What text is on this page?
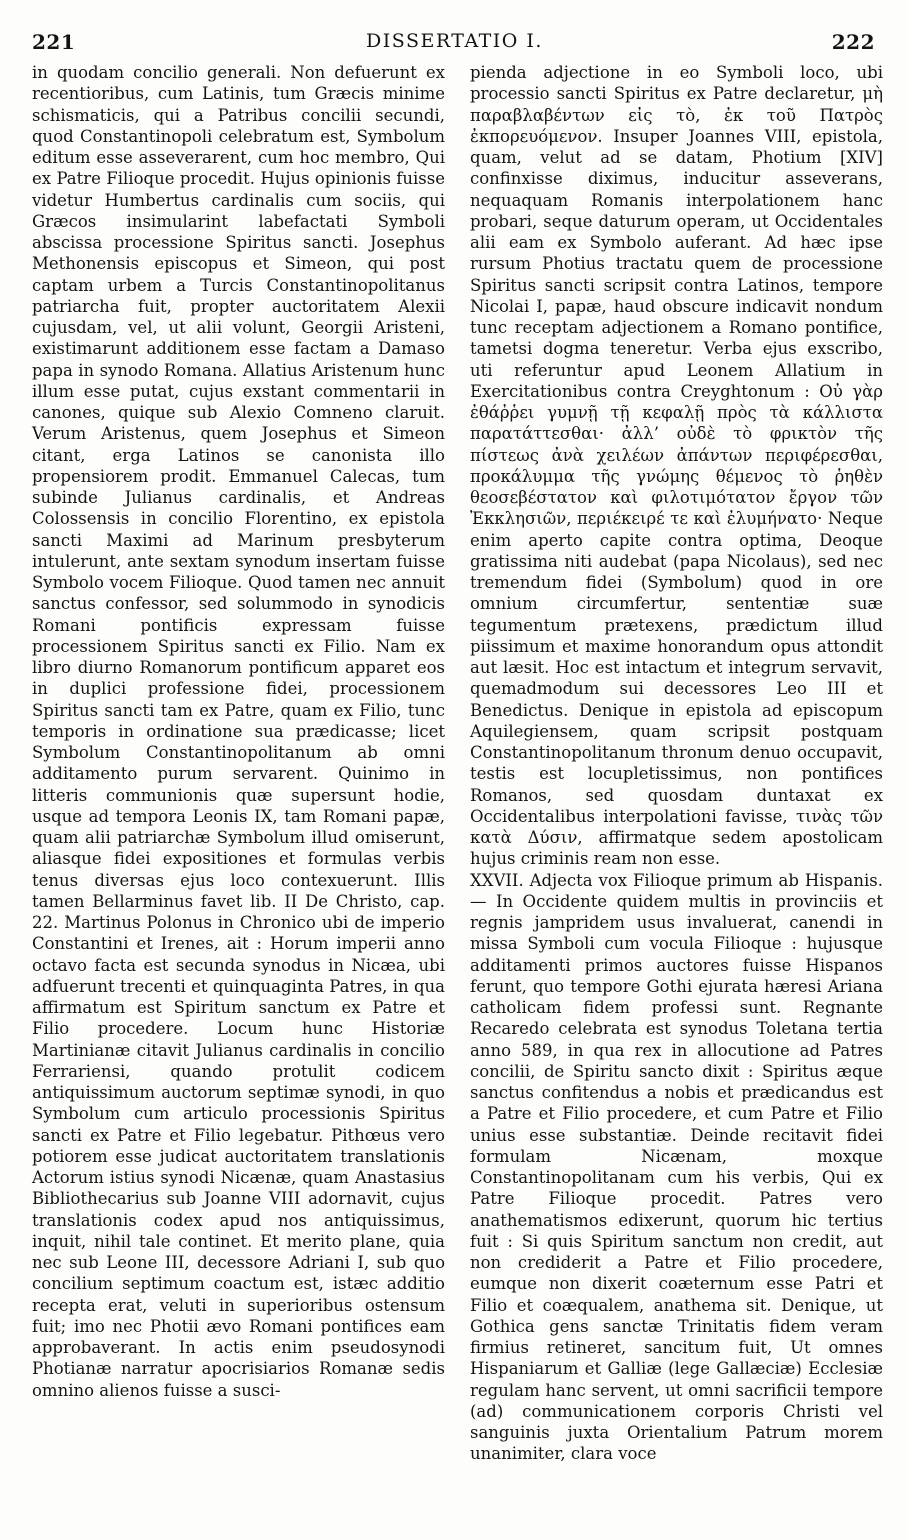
221	DISSERTATIO I.	222

in quodam concilio generali. Non defuerunt ex recentioribus, cum Latinis, tum Græcis minime schismaticis, qui a Patribus concilii secundi, quod Constantinopoli celebratum est, Symbolum editum esse asseverarent, cum hoc membro, Qui ex Patre Filioque procedit. Hujus opinionis fuisse videtur Humbertus cardinalis cum sociis, qui Græcos insimularint labefactati Symboli abscissa processione Spiritus sancti. Josephus Methonensis episcopus et Simeon, qui post captam urbem a Turcis Constantinopolitanus patriarcha fuit, propter auctoritatem Alexii cujusdam, vel, ut alii volunt, Georgii Aristeni, existimarunt additionem esse factam a Damaso papa in synodo Romana. Allatius Aristenum hunc illum esse putat, cujus exstant commentarii in canones, quique sub Alexio Comneno claruit. Verum Aristenus, quem Josephus et Simeon citant, erga Latinos se canonista illo propensiorem prodit. Emmanuel Calecas, tum subinde Julianus cardinalis, et Andreas Colossensis in concilio Florentino, ex epistola sancti Maximi ad Marinum presbyterum intulerunt, ante sextam synodum insertam fuisse Symbolo vocem Filioque. Quod tamen nec annuit sanctus confessor, sed solummodo in synodicis Romani pontificis expressam fuisse processionem Spiritus sancti ex Filio. Nam ex libro diurno Romanorum pontificum apparet eos in duplici professione fidei, processionem Spiritus sancti tam ex Patre, quam ex Filio, tunc temporis in ordinatione sua prædicasse; licet Symbolum Constantinopolitanum ab omni additamento purum servarent. Quinimo in litteris communionis quæ supersunt hodie, usque ad tempora Leonis IX, tam Romani papæ, quam alii patriarchæ Symbolum illud omiserunt, aliasque fidei expositiones et formulas verbis tenus diversas ejus loco contexuerunt. Illis tamen Bellarminus favet lib. II De Christo, cap. 22. Martinus Polonus in Chronico ubi de imperio Constantini et Irenes, ait : Horum imperii anno octavo facta est secunda synodus in Nicæa, ubi adfuerunt trecenti et quinquaginta Patres, in qua affirmatum est Spiritum sanctum ex Patre et Filio procedere. Locum hunc Historiæ Martinianæ citavit Julianus cardinalis in concilio Ferrariensi, quando protulit codicem antiquissimum auctorum septimæ synodi, in quo Symbolum cum articulo processionis Spiritus sancti ex Patre et Filio legebatur. Pithœus vero potiorem esse judicat auctoritatem translationis Actorum istius synodi Nicænæ, quam Anastasius Bibliothecarius sub Joanne VIII adornavit, cujus translationis codex apud nos antiquissimus, inquit, nihil tale continet. Et merito plane, quia nec sub Leone III, decessore Adriani I, sub quo concilium septimum coactum est, istæc additio recepta erat, veluti in superioribus ostensum fuit; imo nec Photii ævo Romani pontifices eam approbaverant. In actis enim pseudosynodi Photianæ narratur apocrisiarios Romanæ sedis omnino alienos fuisse a susci-

pienda adjectione in eo Symboli loco, ubi processio sancti Spiritus ex Patre declaretur, μὴ παραβλαβέντων εἰς τὸ, ἐκ τοῦ Πατρὸς ἐκπορευόμενον. Insuper Joannes VIII, epistola, quam, velut ad se datam, Photium [XIV] confinxisse diximus, inducitur asseverans, nequaquam Romanis interpolationem hanc probari, seque daturum operam, ut Occidentales alii eam ex Symbolo auferant. Ad hæc ipse rursum Photius tractatu quem de processione Spiritus sancti scripsit contra Latinos, tempore Nicolai I, papæ, haud obscure indicavit nondum tunc receptam adjectionem a Romano pontifice, tametsi dogma teneretur. Verba ejus exscribo, uti referuntur apud Leonem Allatium in Exercitationibus contra Creyghtonum : Οὐ γὰρ ἐθάῤῥει γυμνῇ τῇ κεφαλῇ πρὸς τὰ κάλλιστα παρατάττεσθαι· ἀλλ’ οὐδὲ τὸ φρικτὸν τῆς πίστεως ἀνὰ χειλέων ἀπάντων περιφέρεσθαι, προκάλυμμα τῆς γνώμης θέμενος τὸ ῥηθὲν θεοσεβέστατον καὶ φιλοτιμότατον ἔργον τῶν Ἐκκλησιῶν, περιέκειρέ τε καὶ ἐλυμήνατο· Neque enim aperto capite contra optima, Deoque gratissima niti audebat (papa Nicolaus), sed nec tremendum fidei (Symbolum) quod in ore omnium circumfertur, sententiæ suæ tegumentum prætexens, prædictum illud piissimum et maxime honorandum opus attondit aut læsit. Hoc est intactum et integrum servavit, quemadmodum sui decessores Leo III et Benedictus. Denique in epistola ad episcopum Aquilegiensem, quam scripsit postquam Constantinopolitanum thronum denuo occupavit, testis est locupletissimus, non pontifices Romanos, sed quosdam duntaxat ex Occidentalibus interpolationi favisse, τινὰς τῶν κατὰ Δύσιν, affirmatque sedem apostolicam hujus criminis ream non esse.

XXVII. Adjecta vox Filioque primum ab Hispanis. — In Occidente quidem multis in provinciis et regnis jampridem usus invaluerat, canendi in missa Symboli cum vocula Filioque : hujusque additamenti primos auctores fuisse Hispanos ferunt, quo tempore Gothi ejurata hæresi Ariana catholicam fidem professi sunt. Regnante Recaredo celebrata est synodus Toletana tertia anno 589, in qua rex in allocutione ad Patres concilii, de Spiritu sancto dixit : Spiritus æque sanctus confitendus a nobis et prædicandus est a Patre et Filio procedere, et cum Patre et Filio unius esse substantiæ. Deinde recitavit fidei formulam Nicænam, moxque Constantinopolitanam cum his verbis, Qui ex Patre Filioque procedit. Patres vero anathematismos edixerunt, quorum hic tertius fuit : Si quis Spiritum sanctum non credit, aut non crediderit a Patre et Filio procedere, eumque non dixerit coæternum esse Patri et Filio et coæqualem, anathema sit. Denique, ut Gothica gens sanctæ Trinitatis fidem veram firmius retineret, sancitum fuit, Ut omnes Hispaniarum et Galliæ (lege Gallæciæ) Ecclesiæ regulam hanc servent, ut omni sacrificii tempore (ad) communicationem corporis Christi vel sanguinis juxta Orientalium Patrum morem unanimiter, clara voce
